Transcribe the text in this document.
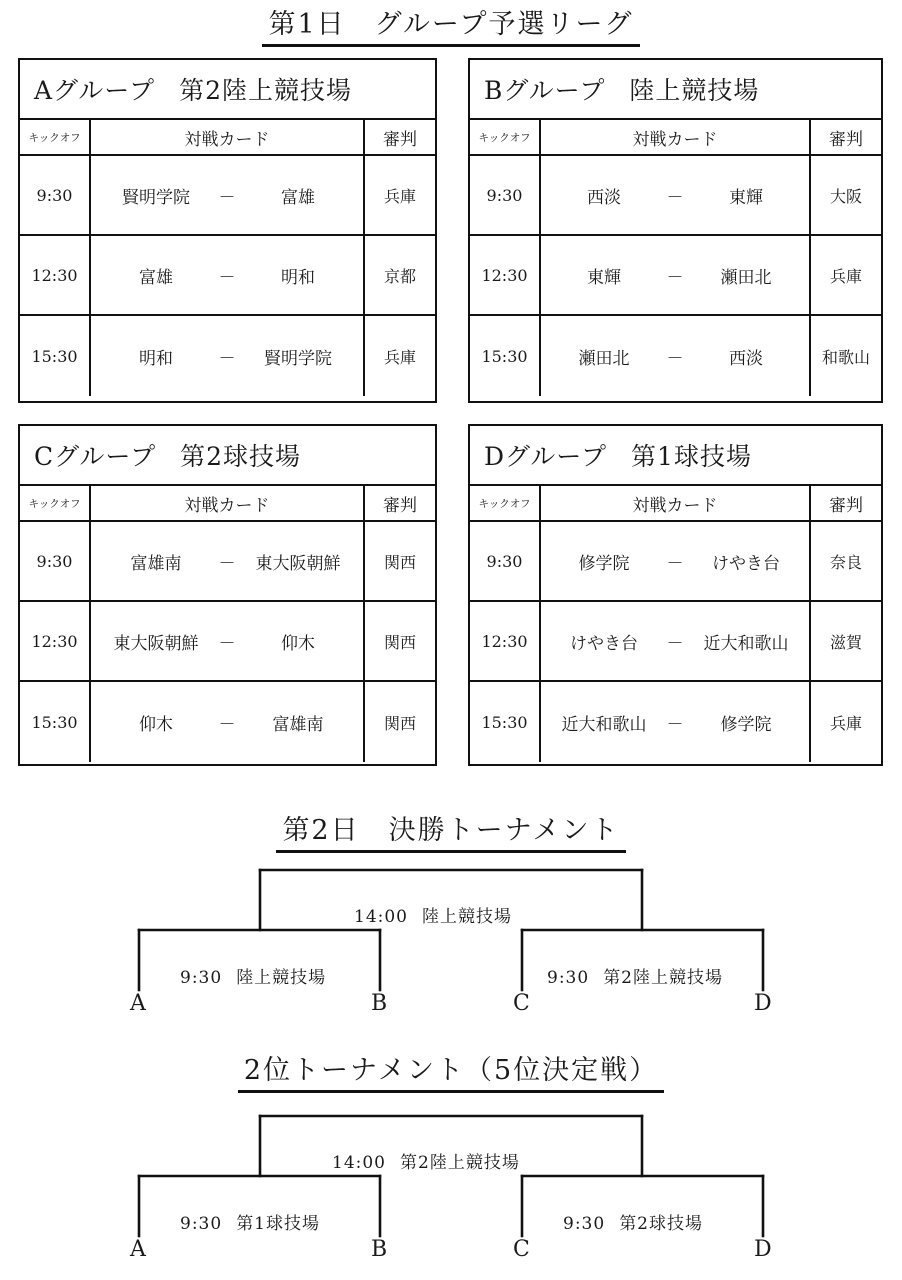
第1日　グループ予選リーグ
Aグループ 第2陸上競技場
キックオフ	対戦カード	審判
9:30	賢明学院	－	富雄	兵庫
12:30	富雄	－	明和	京都
15:30	明和	－	賢明学院	兵庫
Bグループ 陸上競技場
キックオフ	対戦カード	審判
9:30	西淡	－	東輝	大阪
12:30	東輝	－	瀬田北	兵庫
15:30	瀬田北	－	西淡	和歌山
Cグループ 第2球技場
キックオフ	対戦カード	審判
9:30	富雄南	－	東大阪朝鮮	関西
12:30	東大阪朝鮮	－	仰木	関西
15:30	仰木	－	富雄南	関西
Dグループ 第1球技場
キックオフ	対戦カード	審判
9:30	修学院	－	けやき台	奈良
12:30	けやき台	－	近大和歌山	滋賀
15:30	近大和歌山	－	修学院	兵庫
第2日　決勝トーナメント
14:00 陸上競技場
9:30 陸上競技場	9:30 第2陸上競技場
A	B	C	D
2位トーナメント（5位決定戦）
14:00 第2陸上競技場
9:30 第1球技場	9:30 第2球技場
A	B	C	D
